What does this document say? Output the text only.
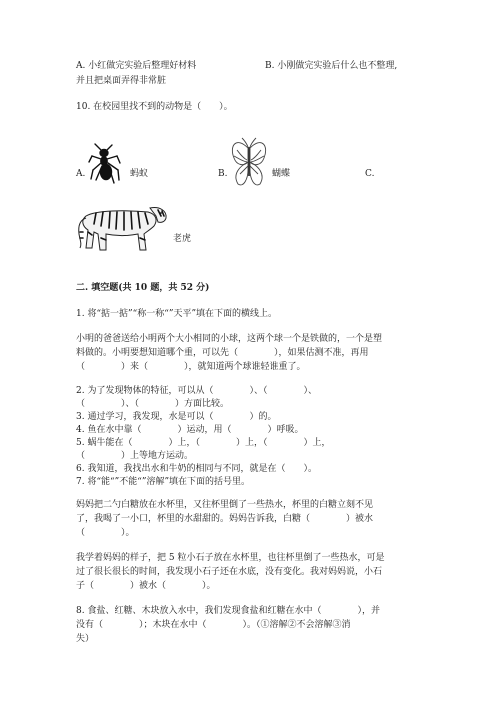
A. 小红做完实验后整理好材料
并且把桌面弄得非常脏
B. 小刚做完实验后什么也不整理,
10. 在校园里找不到的动物是（　　）。
A.	蚂蚁	B.	蝴蝶	C.
老虎
二. 填空题(共 10 题，共 52 分)
1. 将“掂一掂”“称一称“”天平”填在下面的横线上。
小明的爸爸送给小明两个大小相同的小球，这两个球一个是铁做的，一个是塑
料做的。小明要想知道哪个重，可以先（　　　　），如果估测不准，再用
（　　　　）来（　　　　），就知道两个球谁轻谁重了。
2. 为了发现物体的特征，可以从（　　　　）、（　　　　）、
（　　　　）、（　　　　）方面比较。
3. 通过学习，我发现，水是可以（　　　　）的。
4. 鱼在水中靠（　　　　）运动，用（　　　　）呼吸。
5. 蜗牛能在（　　　　）上，（　　　　）上，（　　　　）上，
（　　　　）上等地方运动。
6. 我知道，我找出水和牛奶的相同与不同，就是在（　　）。
7. 将“能“”不能“”溶解”填在下面的括号里。
妈妈把二勺白糖放在水杯里，又往杯里倒了一些热水，杯里的白糖立刻不见
了，我喝了一小口，杯里的水甜甜的。妈妈告诉我，白糖（　　　　）被水
（　　　　）。
我学着妈妈的样子，把 5 粒小石子放在水杯里，也往杯里倒了一些热水，可是
过了很长很长的时间，我发现小石子还在水底，没有变化。我对妈妈说，小石
子（　　　　）被水（　　　　）。
8. 食盐、红糖、木块放入水中，我们发现食盐和红糖在水中（　　　　），并
没有（　　　　）；木块在水中（　　　　）。（①溶解②不会溶解③消
失）
